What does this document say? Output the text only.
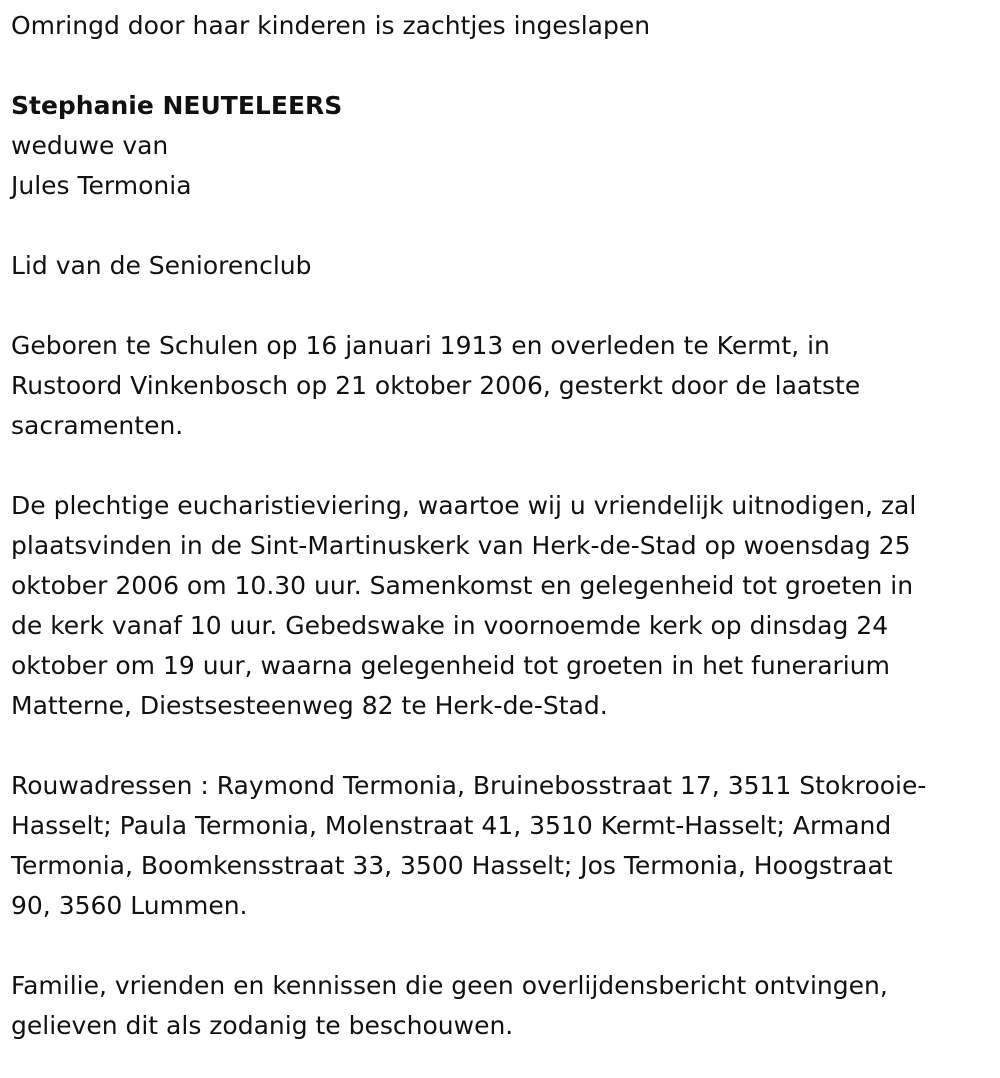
Omringd door haar kinderen is zachtjes ingeslapen

Stephanie NEUTELEERS

weduwe van

Jules Termonia

Lid van de Seniorenclub

Geboren te Schulen op 16 januari 1913 en overleden te Kermt, in
Rustoord Vinkenbosch op 21 oktober 2006, gesterkt door de laatste
sacramenten.

De plechtige eucharistieviering, waartoe wij u vriendelijk uitnodigen, zal
plaatsvinden in de Sint-Martinuskerk van Herk-de-Stad op woensdag 25
oktober 2006 om 10.30 uur. Samenkomst en gelegenheid tot groeten in
de kerk vanaf 10 uur. Gebedswake in voornoemde kerk op dinsdag 24
oktober om 19 uur, waarna gelegenheid tot groeten in het funerarium
Matterne, Diestsesteenweg 82 te Herk-de-Stad.

Rouwadressen : Raymond Termonia, Bruinebosstraat 17, 3511 Stokrooie-
Hasselt; Paula Termonia, Molenstraat 41, 3510 Kermt-Hasselt; Armand
Termonia, Boomkensstraat 33, 3500 Hasselt; Jos Termonia, Hoogstraat
90, 3560 Lummen.

Familie, vrienden en kennissen die geen overlijdensbericht ontvingen,
gelieven dit als zodanig te beschouwen.
